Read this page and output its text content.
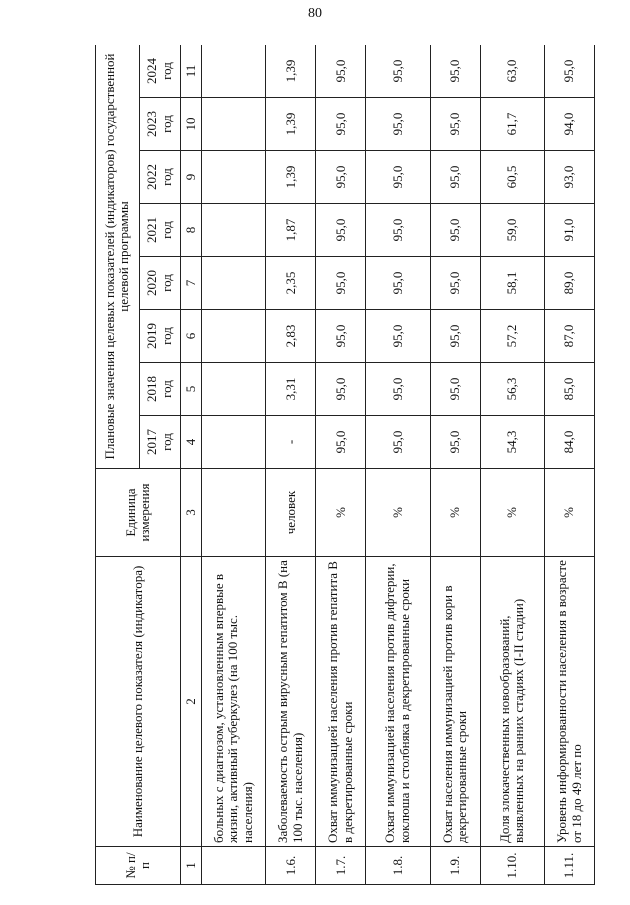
80
№ п/п	Наименование целевого показателя (индикатора)	Единица измерения	Плановые значения целевых показателей (индикаторов) государственной целевой программы							
			2017 год	2018 год	2019 год	2020 год	2021 год	2022 год	2023 год	2024 год
1	2	3	4	5	6	7	8	9	10	11
	больных с диагнозом, установленным впервые в жизни, активный туберкулез (на 100 тыс. населения)									
1.6.	Заболеваемость острым вирусным гепатитом В (на 100 тыс. населения)	человек	-	3,31	2,83	2,35	1,87	1,39	1,39	1,39
1.7.	Охват иммунизацией населения против гепатита В в декретированные сроки	%	95,0	95,0	95,0	95,0	95,0	95,0	95,0	95,0
1.8.	Охват иммунизацией населения против дифтерии, коклюша и столбняка в декретированные сроки	%	95,0	95,0	95,0	95,0	95,0	95,0	95,0	95,0
1.9.	Охват населения иммунизацией против кори в декретированные сроки	%	95,0	95,0	95,0	95,0	95,0	95,0	95,0	95,0
1.10.	Доля злокачественных новообразований, выявленных на ранних стадиях (I-II стадии)	%	54,3	56,3	57,2	58,1	59,0	60,5	61,7	63,0
1.11.	Уровень информированности населения в возрасте от 18 до 49 лет по	%	84,0	85,0	87,0	89,0	91,0	93,0	94,0	95,0
